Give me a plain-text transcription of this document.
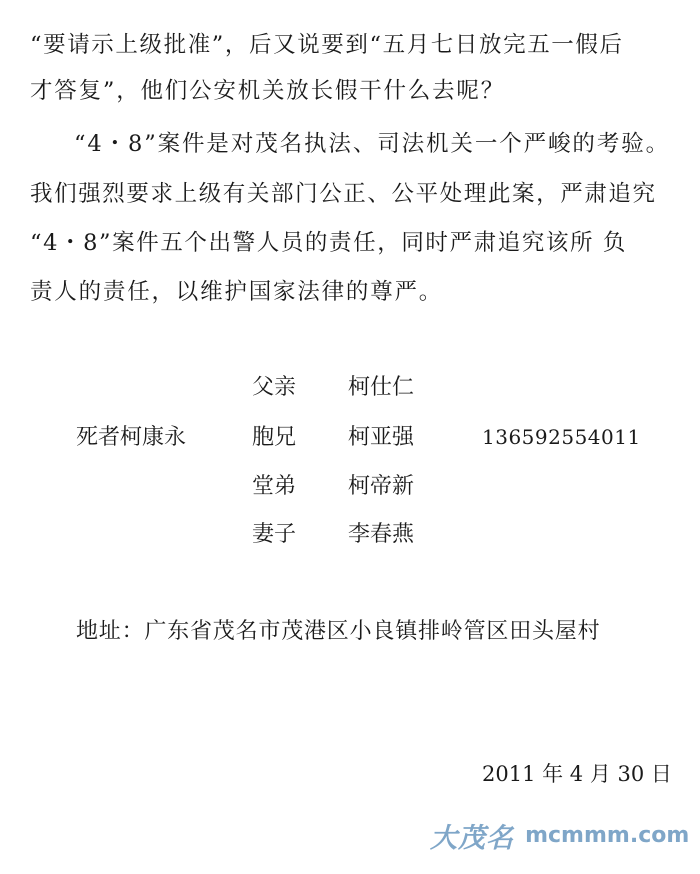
“要请示上级批准”，后又说要到“五月七日放完五一假后
才答复”，他们公安机关放长假干什么去呢？
“4・8”案件是对茂名执法、司法机关一个严峻的考验。
我们强烈要求上级有关部门公正、公平处理此案，严肃追究
“4・8”案件五个出警人员的责任，同时严肃追究该所 负
责人的责任，以维护国家法律的尊严。
死者柯康永
父亲 柯仕仁
胞兄 柯亚强
堂弟 柯帝新
妻子 李春燕
13659255401​1
地址：广东省茂名市茂港区小良镇排岭管区田头屋村
2011 年 4 月 30 日
大茂名 mcmmm.com
